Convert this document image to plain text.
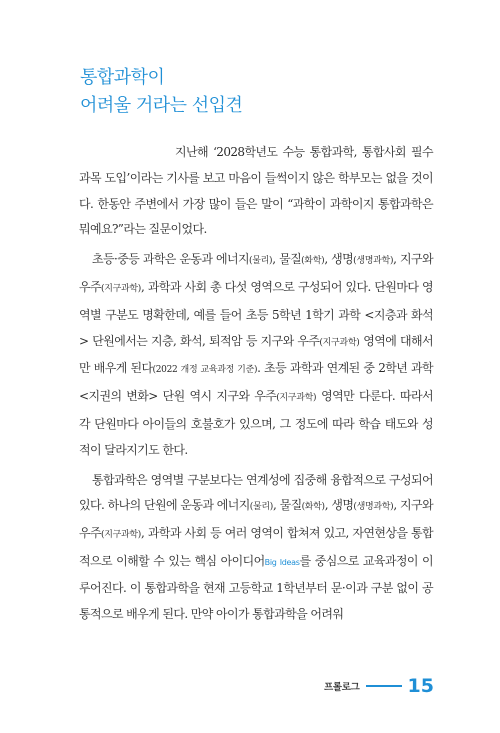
통합과학이
어려울 거라는 선입견

지난해 ‘2028학년도 수능 통합과학, 통합사회 필수 과목 도입’이라는 기사를 보고 마음이 들썩이지 않은 학부모는 없을 것이다. 한동안 주변에서 가장 많이 들은 말이 “과학이 과학이지 통합과학은 뭐예요?”라는 질문이었다.

초등·중등 과학은 운동과 에너지(물리), 물질(화학), 생명(생명과학), 지구와 우주(지구과학), 과학과 사회 총 다섯 영역으로 구성되어 있다. 단원마다 영역별 구분도 명확한데, 예를 들어 초등 5학년 1학기 과학 <지층과 화석> 단원에서는 지층, 화석, 퇴적암 등 지구와 우주(지구과학) 영역에 대해서만 배우게 된다(2022 개정 교육과정 기준). 초등 과학과 연계된 중 2학년 과학 <지권의 변화> 단원 역시 지구와 우주(지구과학) 영역만 다룬다. 따라서 각 단원마다 아이들의 호불호가 있으며, 그 정도에 따라 학습 태도와 성적이 달라지기도 한다.

통합과학은 영역별 구분보다는 연계성에 집중해 융합적으로 구성되어 있다. 하나의 단원에 운동과 에너지(물리), 물질(화학), 생명(생명과학), 지구와 우주(지구과학), 과학과 사회 등 여러 영역이 합쳐져 있고, 자연현상을 통합적으로 이해할 수 있는 핵심 아이디어Big Ideas를 중심으로 교육과정이 이루어진다. 이 통합과학을 현재 고등학교 1학년부터 문·이과 구분 없이 공통적으로 배우게 된다. 만약 아이가 통합과학을 어려워

프롤로그	15
